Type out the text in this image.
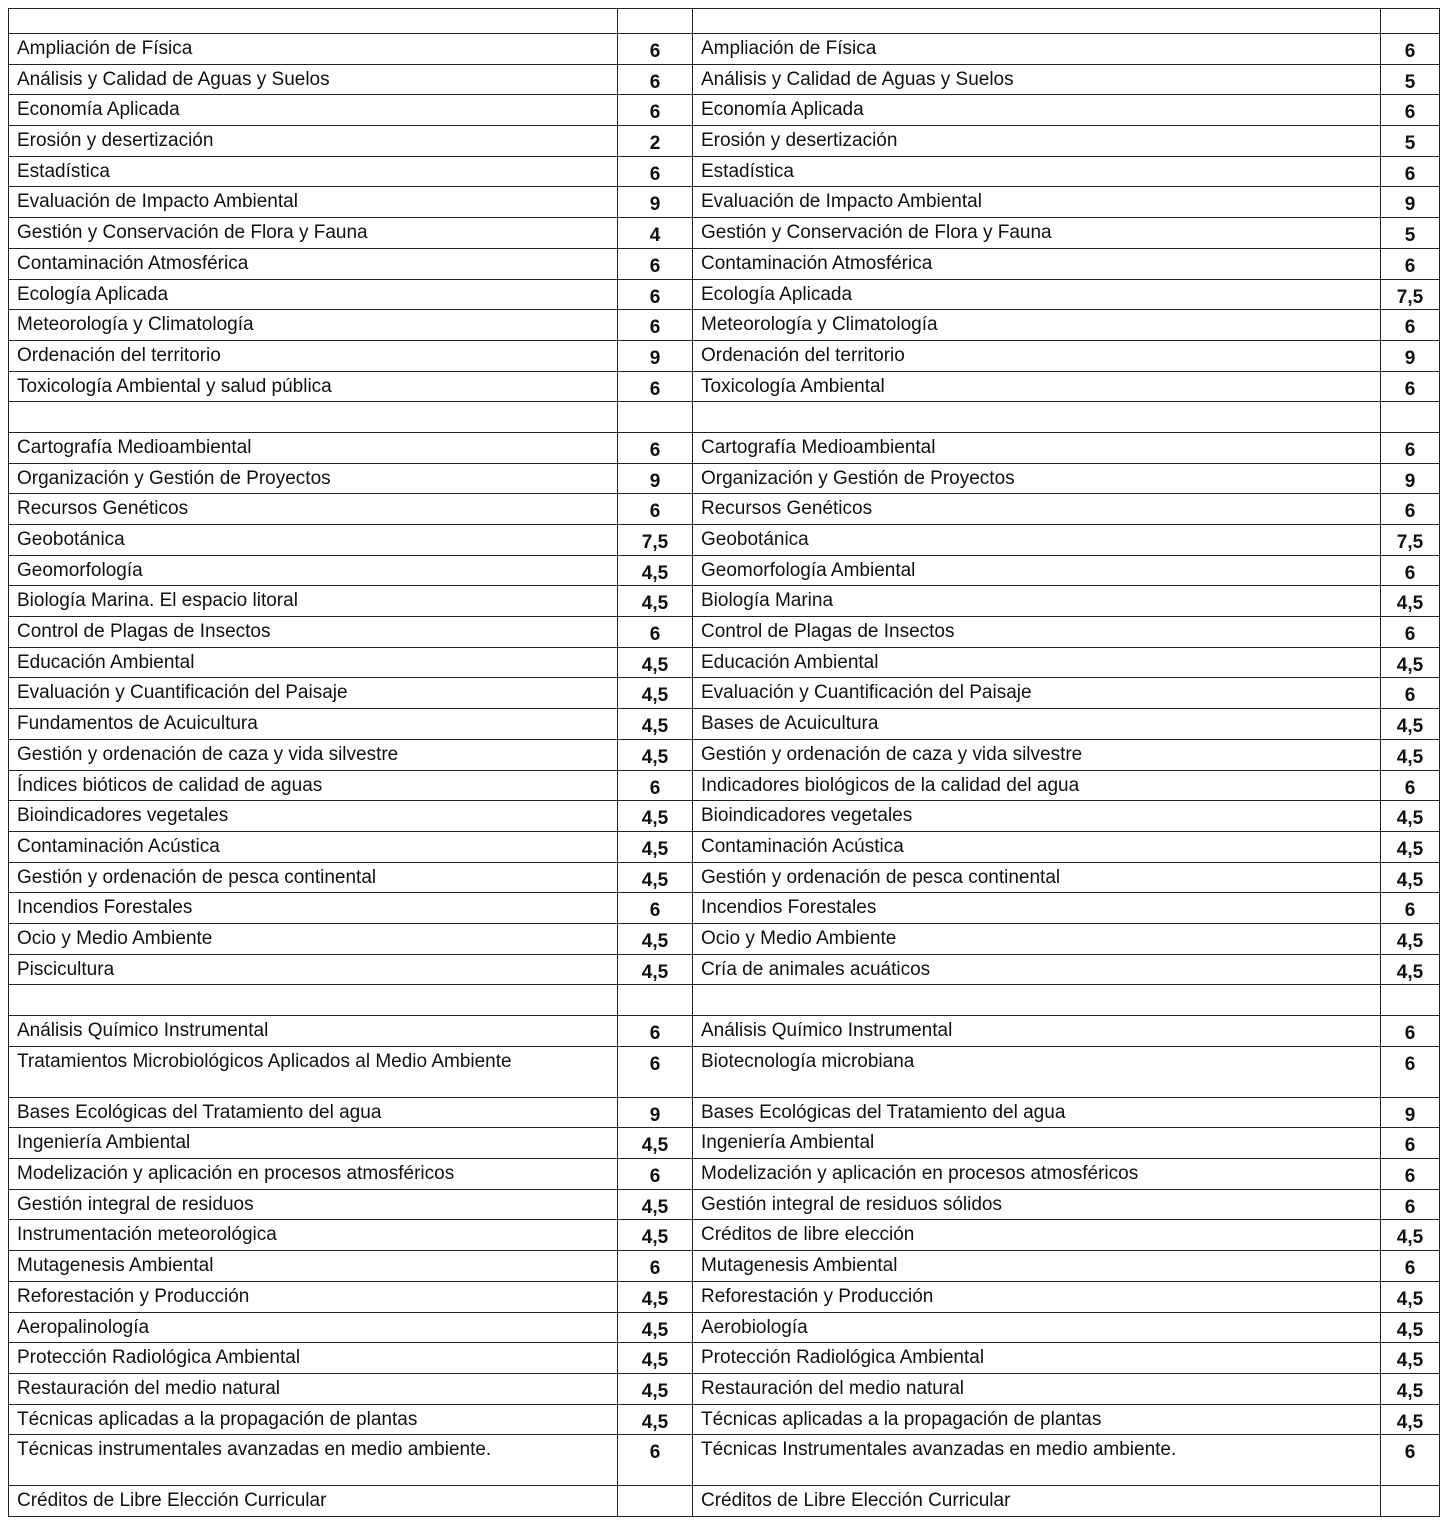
Ampliación de Física	6	Ampliación de Física	6
Análisis y Calidad de Aguas y Suelos	6	Análisis y Calidad de Aguas y Suelos	5
Economía Aplicada	6	Economía Aplicada	6
Erosión y desertización	2	Erosión y desertización	5
Estadística	6	Estadística	6
Evaluación de Impacto Ambiental	9	Evaluación de Impacto Ambiental	9
Gestión y Conservación de Flora y Fauna	4	Gestión y Conservación de Flora y Fauna	5
Contaminación Atmosférica	6	Contaminación Atmosférica	6
Ecología Aplicada	6	Ecología Aplicada	7,5
Meteorología y Climatología	6	Meteorología y Climatología	6
Ordenación del territorio	9	Ordenación del territorio	9
Toxicología Ambiental y salud pública	6	Toxicología Ambiental	6

Cartografía Medioambiental	6	Cartografía Medioambiental	6
Organización y Gestión de Proyectos	9	Organización y Gestión de Proyectos	9
Recursos Genéticos	6	Recursos Genéticos	6
Geobotánica	7,5	Geobotánica	7,5
Geomorfología	4,5	Geomorfología Ambiental	6
Biología Marina. El espacio litoral	4,5	Biología Marina	4,5
Control de Plagas de Insectos	6	Control de Plagas de Insectos	6
Educación Ambiental	4,5	Educación Ambiental	4,5
Evaluación y Cuantificación del Paisaje	4,5	Evaluación y Cuantificación del Paisaje	6
Fundamentos de Acuicultura	4,5	Bases de Acuicultura	4,5
Gestión y ordenación de caza y vida silvestre	4,5	Gestión y ordenación de caza y vida silvestre	4,5
Índices bióticos de calidad de aguas	6	Indicadores biológicos de la calidad del agua	6
Bioindicadores vegetales	4,5	Bioindicadores vegetales	4,5
Contaminación Acústica	4,5	Contaminación Acústica	4,5
Gestión y ordenación de pesca continental	4,5	Gestión y ordenación de pesca continental	4,5
Incendios Forestales	6	Incendios Forestales	6
Ocio y Medio Ambiente	4,5	Ocio y Medio Ambiente	4,5
Piscicultura	4,5	Cría de animales acuáticos	4,5

Análisis Químico Instrumental	6	Análisis Químico Instrumental	6
Tratamientos Microbiológicos Aplicados al Medio Ambiente	6	Biotecnología microbiana	6
Bases Ecológicas del Tratamiento del agua	9	Bases Ecológicas del Tratamiento del agua	9
Ingeniería Ambiental	4,5	Ingeniería Ambiental	6
Modelización y aplicación en procesos atmosféricos	6	Modelización y aplicación en procesos atmosféricos	6
Gestión integral de residuos	4,5	Gestión integral de residuos sólidos	6
Instrumentación meteorológica	4,5	Créditos de libre elección	4,5
Mutagenesis Ambiental	6	Mutagenesis Ambiental	6
Reforestación y Producción	4,5	Reforestación y Producción	4,5
Aeropalinología	4,5	Aerobiología	4,5
Protección Radiológica Ambiental	4,5	Protección Radiológica Ambiental	4,5
Restauración del medio natural	4,5	Restauración del medio natural	4,5
Técnicas aplicadas a la propagación de plantas	4,5	Técnicas aplicadas a la propagación de plantas	4,5
Técnicas instrumentales avanzadas en medio ambiente.	6	Técnicas Instrumentales avanzadas en medio ambiente.	6
Créditos de Libre Elección Curricular		Créditos de Libre Elección Curricular	
